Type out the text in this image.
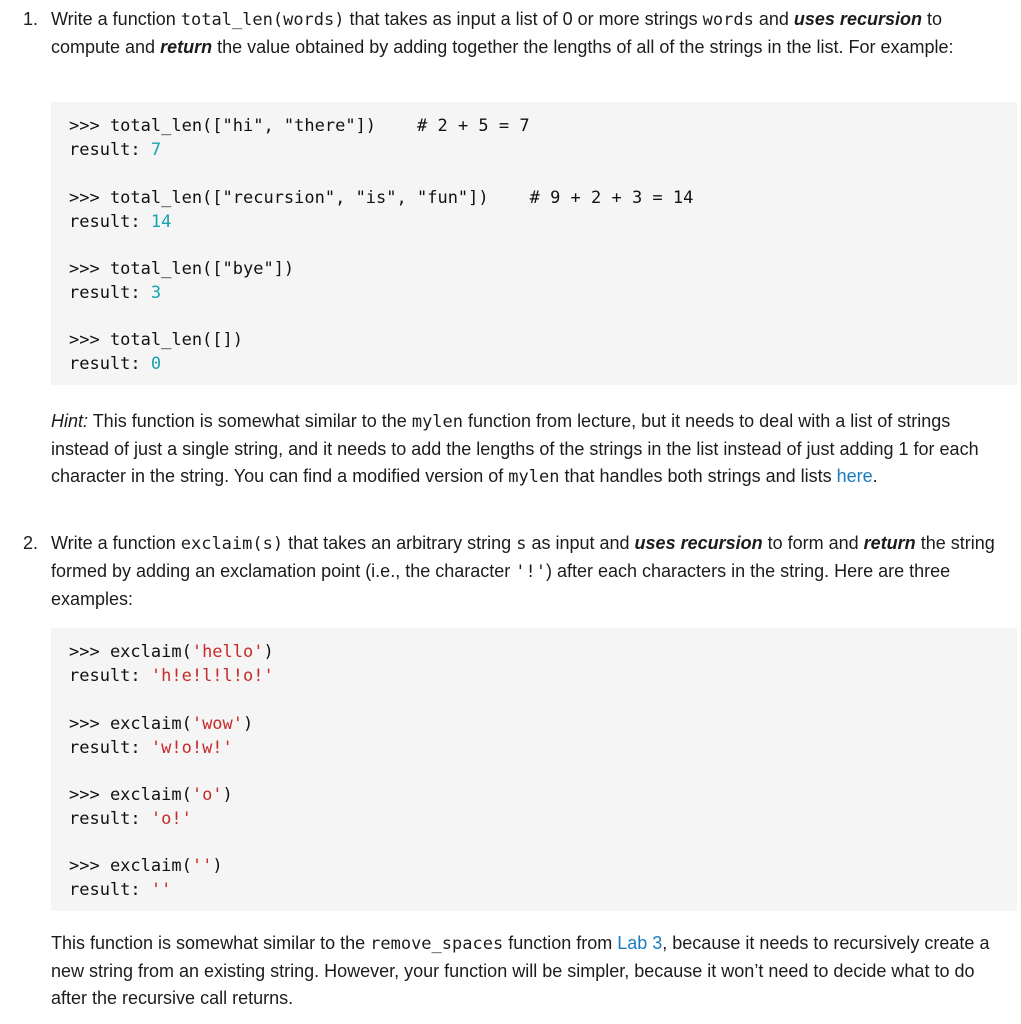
1. Write a function total_len(words) that takes as input a list of 0 or more strings words and uses recursion to compute and return the value obtained by adding together the lengths of all of the strings in the list. For example:

>>> total_len(["hi", "there"]) # 2 + 5 = 7
result: 7
>>> total_len(["recursion", "is", "fun"]) # 9 + 2 + 3 = 14
result: 14
>>> total_len(["bye"])
result: 3
>>> total_len([])
result: 0

Hint: This function is somewhat similar to the mylen function from lecture, but it needs to deal with a list of strings instead of just a single string, and it needs to add the lengths of the strings in the list instead of just adding 1 for each character in the string. You can find a modified version of mylen that handles both strings and lists here.

2. Write a function exclaim(s) that takes an arbitrary string s as input and uses recursion to form and return the string formed by adding an exclamation point (i.e., the character '!') after each characters in the string. Here are three examples:

>>> exclaim('hello')
result: 'h!e!l!l!o!'
>>> exclaim('wow')
result: 'w!o!w!'
>>> exclaim('o')
result: 'o!'
>>> exclaim('')
result: ''

This function is somewhat similar to the remove_spaces function from Lab 3, because it needs to recursively create a new string from an existing string. However, your function will be simpler, because it won’t need to decide what to do after the recursive call returns.
